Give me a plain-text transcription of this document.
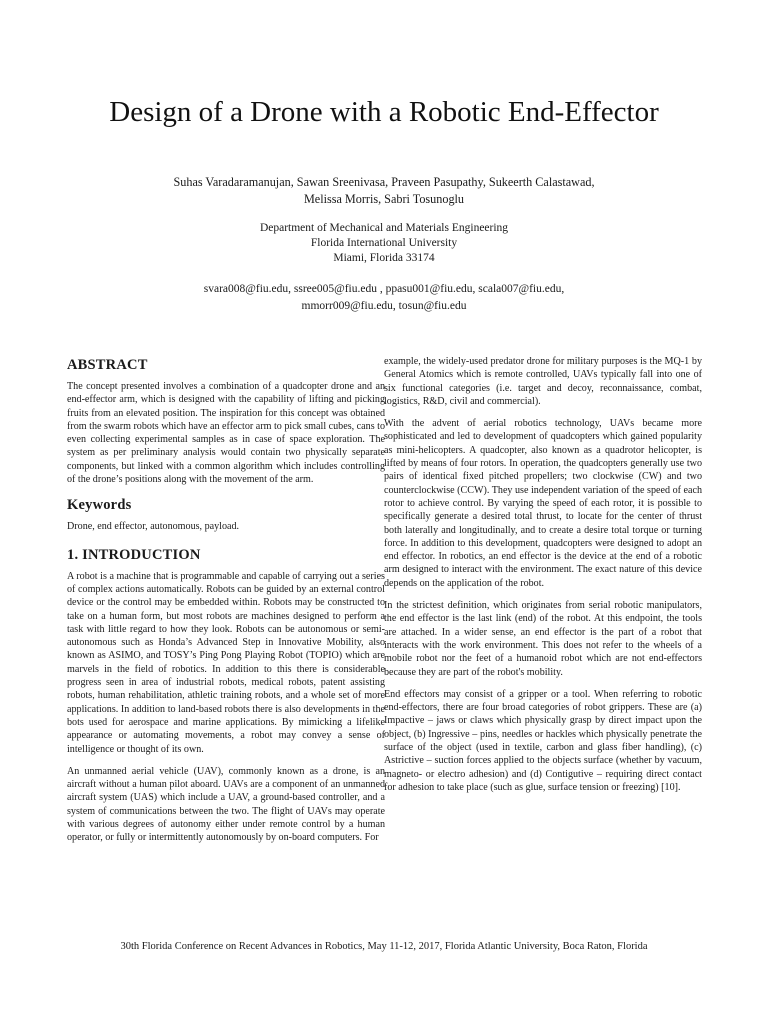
Design of a Drone with a Robotic End-Effector
Suhas Varadaramanujan, Sawan Sreenivasa, Praveen Pasupathy, Sukeerth Calastawad,
Melissa Morris, Sabri Tosunoglu
Department of Mechanical and Materials Engineering
Florida International University
Miami, Florida 33174
svara008@fiu.edu, ssree005@fiu.edu , ppasu001@fiu.edu, scala007@fiu.edu,
mmorr009@fiu.edu, tosun@fiu.edu
ABSTRACT

The concept presented involves a combination of a quadcopter drone and an end-effector arm, which is designed with the capability of lifting and picking fruits from an elevated position. The inspiration for this concept was obtained from the swarm robots which have an effector arm to pick small cubes, cans to even collecting experimental samples as in case of space exploration. The system as per preliminary analysis would contain two physically separate components, but linked with a common algorithm which includes controlling of the drone’s positions along with the movement of the arm.

Keywords

Drone, end effector, autonomous, payload.

1. INTRODUCTION

A robot is a machine that is programmable and capable of carrying out a series of complex actions automatically. Robots can be guided by an external control device or the control may be embedded within. Robots may be constructed to take on a human form, but most robots are machines designed to perform a task with little regard to how they look. Robots can be autonomous or semi-autonomous such as Honda’s Advanced Step in Innovative Mobility, also known as ASIMO, and TOSY’s Ping Pong Playing Robot (TOPIO) which are marvels in the field of robotics. In addition to this there is considerable progress seen in area of industrial robots, medical robots, patent assisting robots, human rehabilitation, athletic training robots, and a whole set of more applications. In addition to land-based robots there is also developments in the bots used for aerospace and marine applications. By mimicking a lifelike appearance or automating movements, a robot may convey a sense of intelligence or thought of its own.

An unmanned aerial vehicle (UAV), commonly known as a drone, is an aircraft without a human pilot aboard. UAVs are a component of an unmanned aircraft system (UAS) which include a UAV, a ground-based controller, and a system of communications between the two. The flight of UAVs may operate with various degrees of autonomy either under remote control by a human operator, or fully or intermittently autonomously by on-board computers. For

example, the widely-used predator drone for military purposes is the MQ-1 by General Atomics which is remote controlled, UAVs typically fall into one of six functional categories (i.e. target and decoy, reconnaissance, combat, logistics, R&D, civil and commercial).

With the advent of aerial robotics technology, UAVs became more sophisticated and led to development of quadcopters which gained popularity as mini-helicopters. A quadcopter, also known as a quadrotor helicopter, is lifted by means of four rotors. In operation, the quadcopters generally use two pairs of identical fixed pitched propellers; two clockwise (CW) and two counterclockwise (CCW). They use independent variation of the speed of each rotor to achieve control. By varying the speed of each rotor, it is possible to specifically generate a desired total thrust, to locate for the center of thrust both laterally and longitudinally, and to create a desire total torque or turning force. In addition to this development, quadcopters were designed to adopt an end effector. In robotics, an end effector is the device at the end of a robotic arm designed to interact with the environment. The exact nature of this device depends on the application of the robot.

In the strictest definition, which originates from serial robotic manipulators, the end effector is the last link (end) of the robot. At this endpoint, the tools are attached. In a wider sense, an end effector is the part of a robot that interacts with the work environment. This does not refer to the wheels of a mobile robot nor the feet of a humanoid robot which are not end-effectors because they are part of the robot's mobility.

End effectors may consist of a gripper or a tool. When referring to robotic end-effectors, there are four broad categories of robot grippers. These are (a) Impactive – jaws or claws which physically grasp by direct impact upon the object, (b) Ingressive – pins, needles or hackles which physically penetrate the surface of the object (used in textile, carbon and glass fiber handling), (c) Astrictive – suction forces applied to the objects surface (whether by vacuum, magneto- or electro adhesion) and (d) Contigutive – requiring direct contact for adhesion to take place (such as glue, surface tension or freezing) [10].

30th Florida Conference on Recent Advances in Robotics, May 11-12, 2017, Florida Atlantic University, Boca Raton, Florida
